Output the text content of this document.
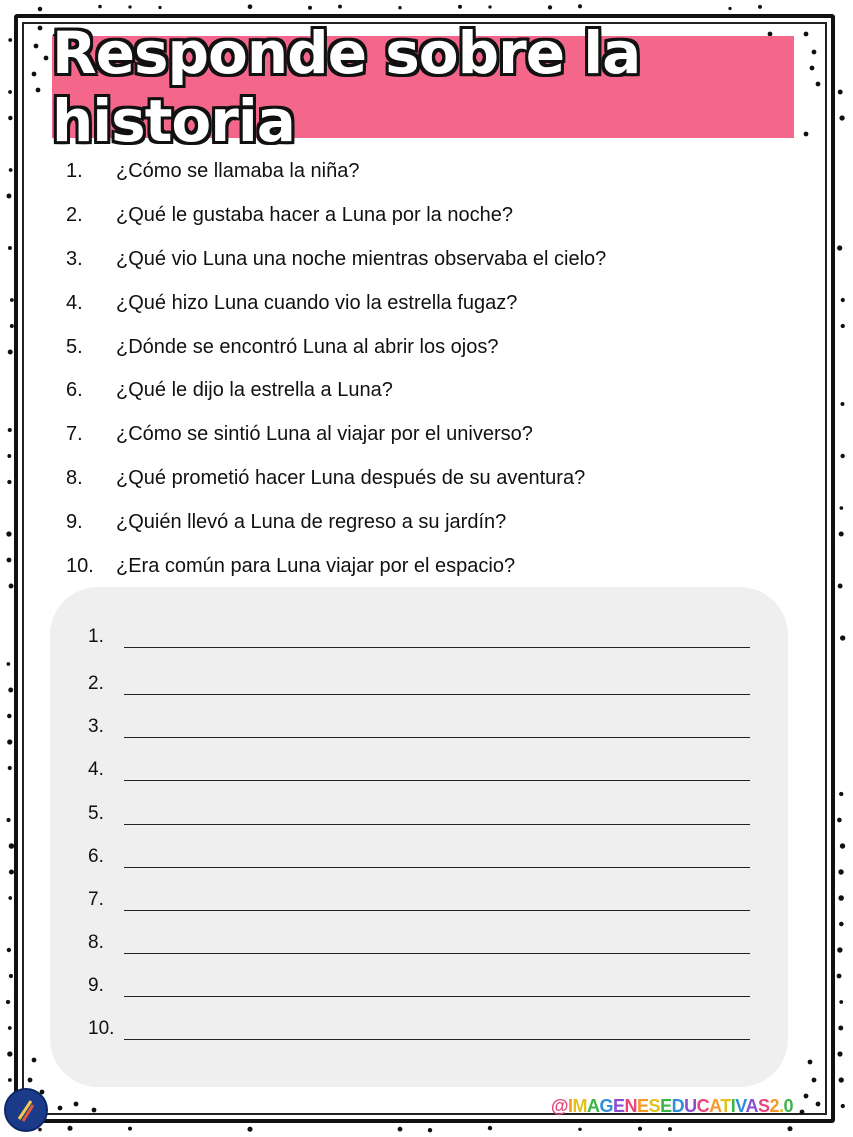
Responde sobre la historia
1.	¿Cómo se llamaba la niña?
2.	¿Qué le gustaba hacer a Luna por la noche?
3.	¿Qué vio Luna una noche mientras observaba el cielo?
4.	¿Qué hizo Luna cuando vio la estrella fugaz?
5.	¿Dónde se encontró Luna al abrir los ojos?
6.	¿Qué le dijo la estrella a Luna?
7.	¿Cómo se sintió Luna al viajar por el universo?
8.	¿Qué prometió hacer Luna después de su aventura?
9.	¿Quién llevó a Luna de regreso a su jardín?
10.	¿Era común para Luna viajar por el espacio?
1.
2.
3.
4.
5.
6.
7.
8.
9.
10.
@IMAGENESEDUCATIVAS2.0
